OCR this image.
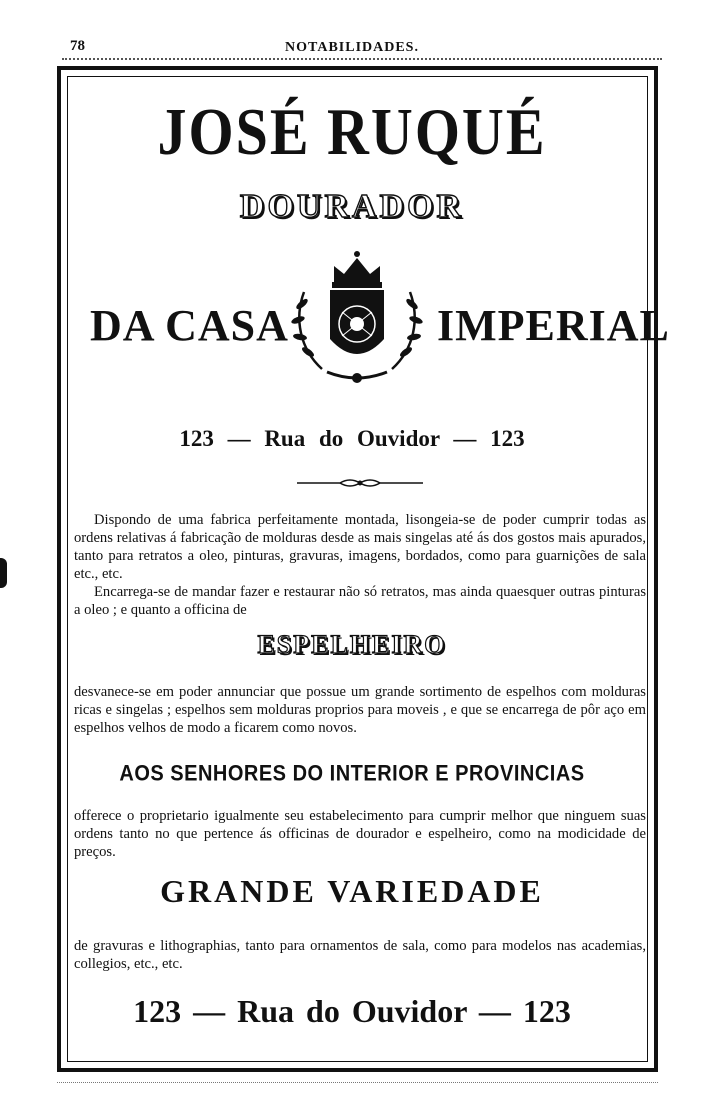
78	NOTABILIDADES.
JOSÉ RUQUÉ
DOURADOR
DA CASA	IMPERIAL
123 — Rua do Ouvidor — 123

Dispondo de uma fabrica perfeitamente montada, lisongeia-se de poder cumprir todas as ordens relativas á fabricação de molduras desde as mais singelas até ás dos gostos mais apurados, tanto para retratos a oleo, pinturas, gravuras, imagens, bordados, como para guarnições de sala etc., etc.

Encarrega-se de mandar fazer e restaurar não só retratos, mas ainda quaesquer outras pinturas a oleo ; e quanto a officina de

ESPELHEIRO

desvanece-se em poder annunciar que possue um grande sortimento de espelhos com molduras ricas e singelas ; espelhos sem molduras proprios para moveis , e que se encarrega de pôr aço em espelhos velhos de modo a ficarem como novos.

AOS SENHORES DO INTERIOR E PROVINCIAS

offerece o proprietario igualmente seu estabelecimento para cumprir melhor que ninguem suas ordens tanto no que pertence ás officinas de dourador e espelheiro, como na modicidade de preços.

GRANDE VARIEDADE

de gravuras e lithographias, tanto para ornamentos de sala, como para modelos nas academias, collegios, etc., etc.

123 — Rua do Ouvidor — 123
